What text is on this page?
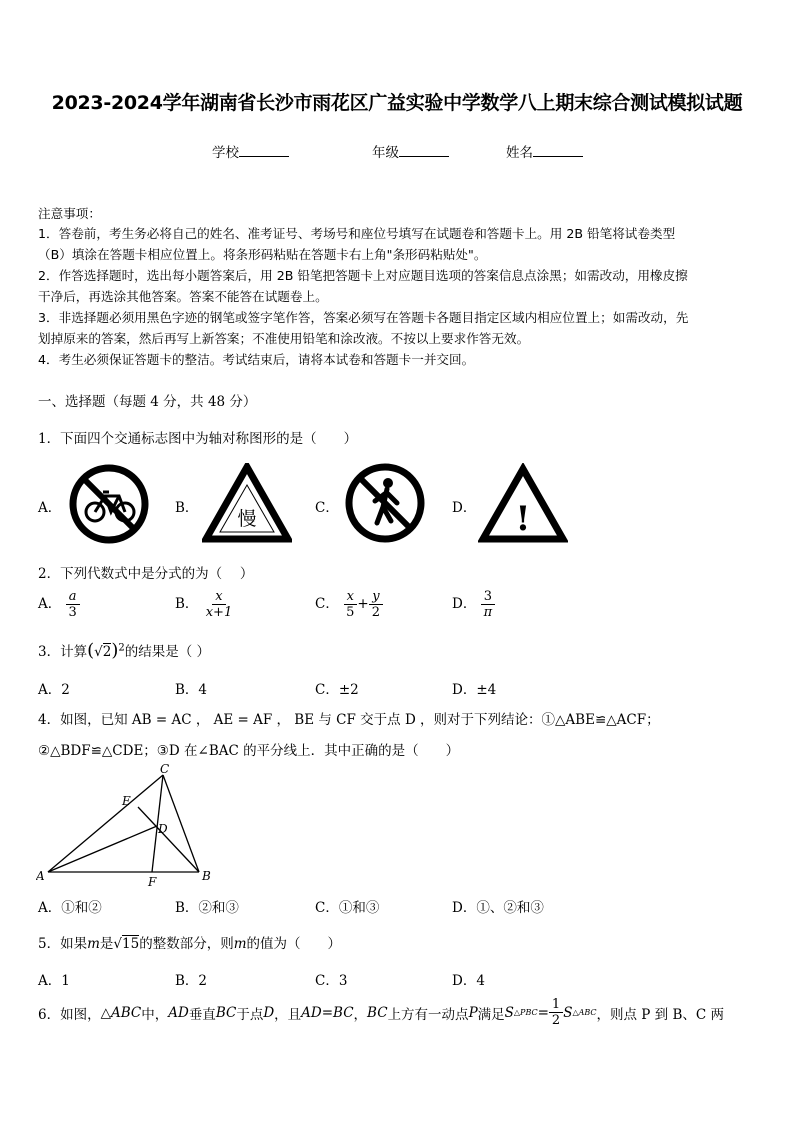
2023-2024学年湖南省长沙市雨花区广益实验中学数学八上期末综合测试模拟试题
学校	年级	姓名
注意事项：
1．答卷前，考生务必将自己的姓名、准考证号、考场号和座位号填写在试题卷和答题卡上。用 2B 铅笔将试卷类型
（B）填涂在答题卡相应位置上。将条形码粘贴在答题卡右上角"条形码粘贴处"。
2．作答选择题时，选出每小题答案后，用 2B 铅笔把答题卡上对应题目选项的答案信息点涂黑；如需改动，用橡皮擦
干净后，再选涂其他答案。答案不能答在试题卷上。
3．非选择题必须用黑色字迹的钢笔或签字笔作答，答案必须写在答题卡各题目指定区域内相应位置上；如需改动，先
划掉原来的答案，然后再写上新答案；不准使用铅笔和涂改液。不按以上要求作答无效。
4．考生必须保证答题卡的整洁。考试结束后，请将本试卷和答题卡一并交回。
一、选择题（每题 4 分，共 48 分）
1．下面四个交通标志图中为轴对称图形的是（　　）
A．	B． 慢	C．	D． !
2．下列代数式中是分式的为（　 ）
A． $\frac{a}{3}$	B． $\frac{x}{x+1}$	C． $\frac{x}{5} + \frac{y}{2}$	D． $\frac{3}{\pi}$
3．计算$(√2)^2$的结果是（ ）
A．2	B．4	C．±2	D．±4
4．如图，已知 AB = AC ， AE = AF ， BE 与 CF 交于点 D ，则对于下列结论：①△ABE≌△ACF；
②△BDF≌△CDE；③D 在∠BAC 的平分线上．其中正确的是（　　）
A	B
C
D
E
F
A．①和②	B．②和③	C．①和③	D．①、②和③
5．如果m是√15的整数部分，则m的值为（　　）
A．1	B．2	C．3	D．4
6．如图， △ABC 中， AD 垂直 BC 于点 D ，且 AD=BC ， BC 上方有一动点 P 满足 S △PBC = $\frac{1}{2}$ S △ABC ，则点 P 到 B、C 两
